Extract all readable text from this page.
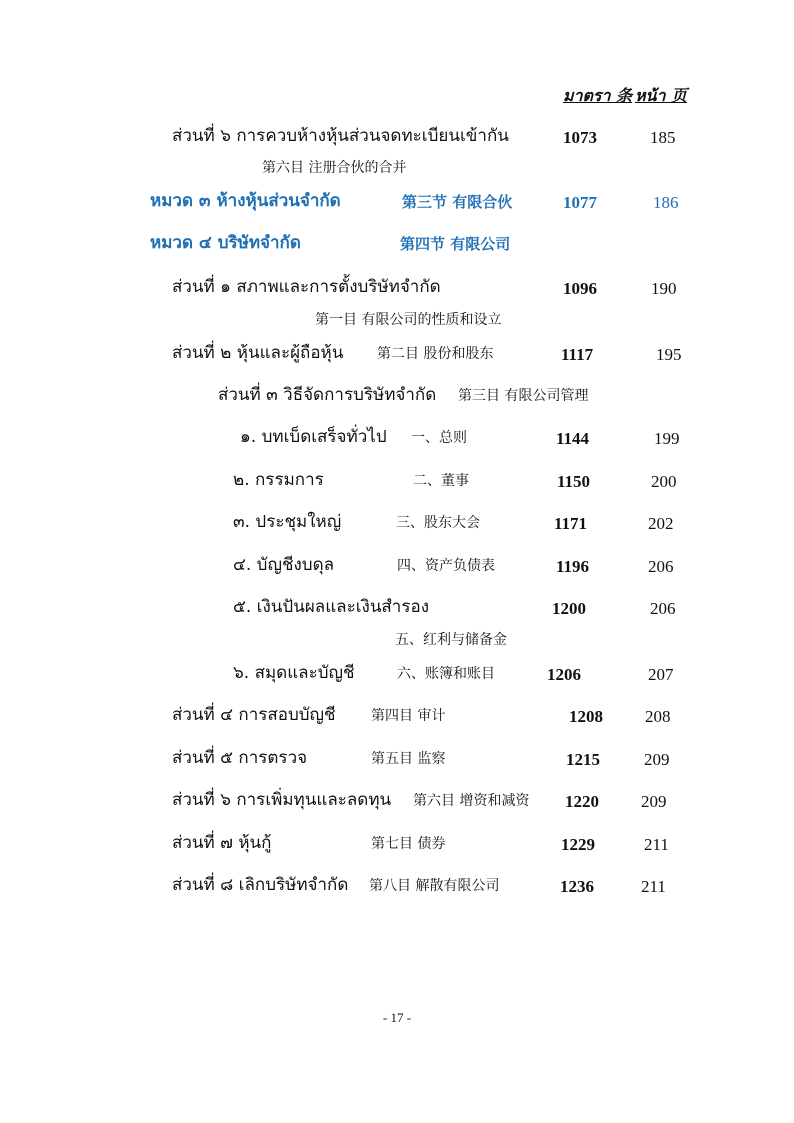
มาตรา 条 หน้า 页
ส่วนที่ ๖ การควบห้างหุ้นส่วนจดทะเบียนเข้ากัน	1073	185
第六目 注册合伙的合并
หมวด ๓ ห้างหุ้นส่วนจำกัด	第三节 有限合伙	1077	186
หมวด ๔ บริษัทจำกัด	第四节 有限公司
ส่วนที่ ๑ สภาพและการตั้งบริษัทจำกัด	1096	190
第一目 有限公司的性质和设立
ส่วนที่ ๒ หุ้นและผู้ถือหุ้น 第二目 股份和股东	1117	195
ส่วนที่ ๓ วิธีจัดการบริษัทจำกัด 第三目 有限公司管理
๑. บทเบ็ดเสร็จทั่วไป 一、总则	1144	199
๒. กรรมการ	二、董事	1150	200
๓. ประชุมใหญ่	三、股东大会	1171	202
๔. บัญชีงบดุล	四、资产负债表	1196	206
๕. เงินปันผลและเงินสำรอง	1200	206
五、红利与储备金
๖. สมุดและบัญชี	六、账簿和账目	1206	207
ส่วนที่ ๔ การสอบบัญชี	第四目 审计	1208 208
ส่วนที่ ๕ การตรวจ	第五目 监察	1215	209
ส่วนที่ ๖ การเพิ่มทุนและลดทุน 第六目 增资和减资 1220 209
ส่วนที่ ๗ หุ้นกู้	第七目 债券	1229	211
ส่วนที่ ๘ เลิกบริษัทจำกัด 第八目 解散有限公司	1236	211
- 17 -
